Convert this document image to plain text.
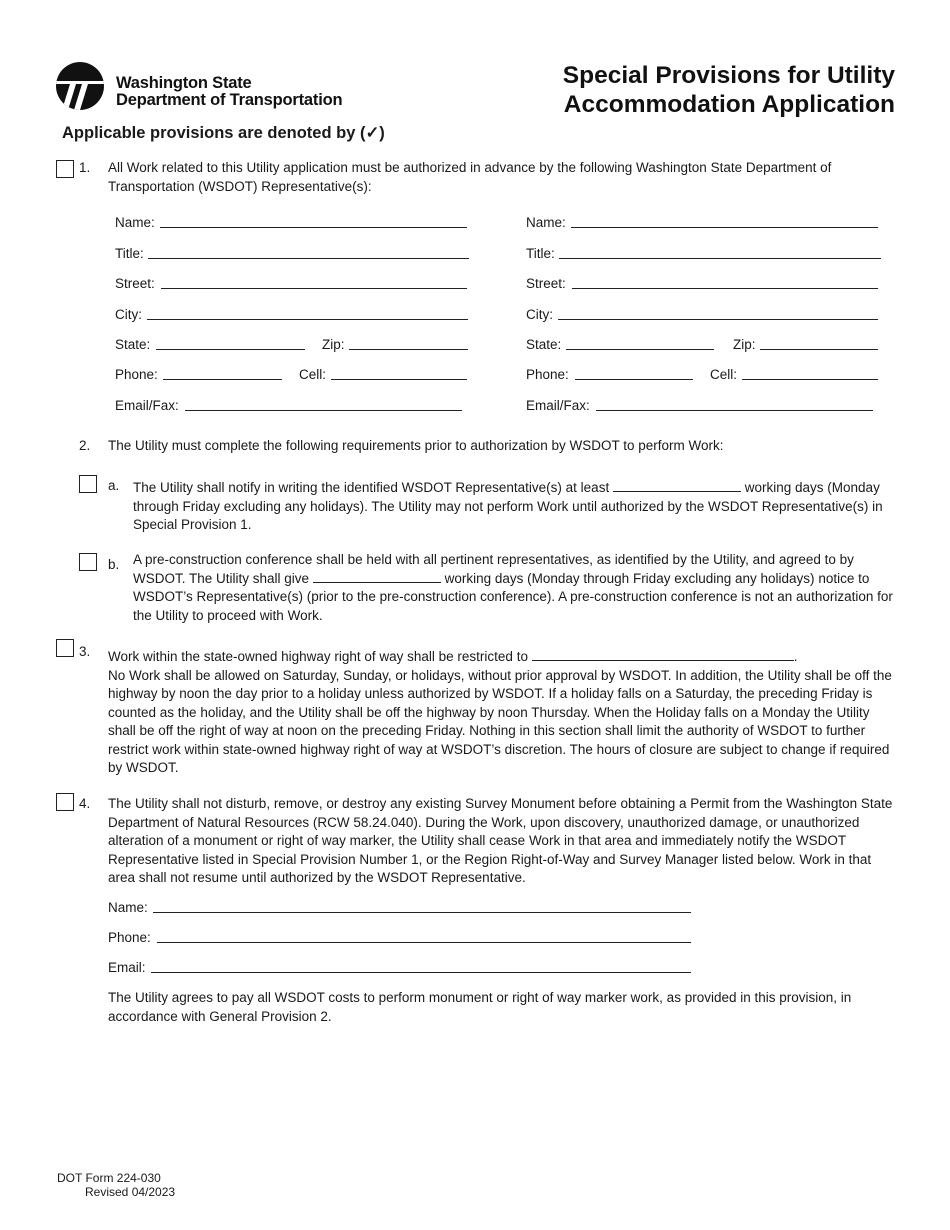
Washington State
Department of Transportation
Special Provisions for Utility
Accommodation Application
Applicable provisions are denoted by (✓)
1. All Work related to this Utility application must be authorized in advance by the following Washington State Department of Transportation (WSDOT) Representative(s):
Name:
Title:
Street:
City:
State:	Zip:
Phone:	Cell:
Email/Fax:
Name:
Title:
Street:
City:
State:	Zip:
Phone:	Cell:
Email/Fax:
2. The Utility must complete the following requirements prior to authorization by WSDOT to perform Work:
a. The Utility shall notify in writing the identified WSDOT Representative(s) at least	working days (Monday through Friday excluding any holidays). The Utility may not perform Work until authorized by the WSDOT Representative(s) in Special Provision 1.
b. A pre-construction conference shall be held with all pertinent representatives, as identified by the Utility, and agreed to by WSDOT. The Utility shall give	working days (Monday through Friday excluding any holidays) notice to WSDOT’s Representative(s) (prior to the pre-construction conference). A pre-construction conference is not an authorization for the Utility to proceed with Work.
3. Work within the state-owned highway right of way shall be restricted to	.
No Work shall be allowed on Saturday, Sunday, or holidays, without prior approval by WSDOT. In addition, the Utility shall be off the highway by noon the day prior to a holiday unless authorized by WSDOT. If a holiday falls on a Saturday, the preceding Friday is counted as the holiday, and the Utility shall be off the highway by noon Thursday. When the Holiday falls on a Monday the Utility shall be off the right of way at noon on the preceding Friday. Nothing in this section shall limit the authority of WSDOT to further restrict work within state-owned highway right of way at WSDOT’s discretion. The hours of closure are subject to change if required by WSDOT.
4. The Utility shall not disturb, remove, or destroy any existing Survey Monument before obtaining a Permit from the Washington State Department of Natural Resources (RCW 58.24.040). During the Work, upon discovery, unauthorized damage, or unauthorized alteration of a monument or right of way marker, the Utility shall cease Work in that area and immediately notify the WSDOT Representative listed in Special Provision Number 1, or the Region Right-of-Way and Survey Manager listed below. Work in that area shall not resume until authorized by the WSDOT Representative.
Name:
Phone:
Email:
The Utility agrees to pay all WSDOT costs to perform monument or right of way marker work, as provided in this provision, in accordance with General Provision 2.
DOT Form 224-030
Revised 04/2023
